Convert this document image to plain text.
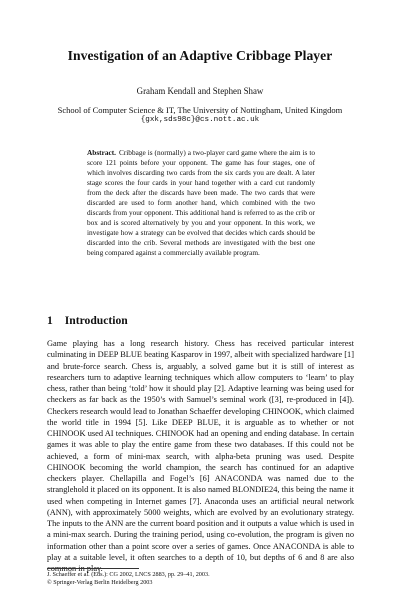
Investigation of an Adaptive Cribbage Player
Graham Kendall and Stephen Shaw
School of Computer Science & IT, The University of Nottingham, United Kingdom
{gxk,sds98c}@cs.nott.ac.uk
Abstract. Cribbage is (normally) a two-player card game where the aim is to score 121 points before your opponent. The game has four stages, one of which involves discarding two cards from the six cards you are dealt. A later stage scores the four cards in your hand together with a card cut randomly from the deck after the discards have been made. The two cards that were discarded are used to form another hand, which combined with the two discards from your opponent. This additional hand is referred to as the crib or box and is scored alternatively by you and your opponent. In this work, we investigate how a strategy can be evolved that decides which cards should be discarded into the crib. Several methods are investigated with the best one being compared against a commercially available program.
1 Introduction

Game playing has a long research history. Chess has received particular interest culminating in DEEP BLUE beating Kasparov in 1997, albeit with specialized hardware [1] and brute-force search. Chess is, arguably, a solved game but it is still of interest as researchers turn to adaptive learning techniques which allow computers to ‘learn’ to play chess, rather than being ‘told’ how it should play [2]. Adaptive learning was being used for checkers as far back as the 1950’s with Samuel’s seminal work ([3], re-produced in [4]). Checkers research would lead to Jonathan Schaeffer developing CHINOOK, which claimed the world title in 1994 [5]. Like DEEP BLUE, it is arguable as to whether or not CHINOOK used AI techniques. CHINOOK had an opening and ending database. In certain games it was able to play the entire game from these two databases. If this could not be achieved, a form of mini-max search, with alpha-beta pruning was used. Despite CHINOOK becoming the world champion, the search has continued for an adaptive checkers player. Chellapilla and Fogel’s [6] ANACONDA was named due to the stranglehold it placed on its opponent. It is also named BLONDIE24, this being the name it used when competing in Internet games [7]. Anaconda uses an artificial neural network (ANN), with approximately 5000 weights, which are evolved by an evolutionary strategy. The inputs to the ANN are the current board position and it outputs a value which is used in a mini-max search. During the training period, using co-evolution, the program is given no information other than a point score over a series of games. Once ANACONDA is able to play at a suitable level, it often searches to a depth of 10, but depths of 6 and 8 are also common in play.

J. Schaeffer et al. (Eds.): CG 2002, LNCS 2883, pp. 29–41, 2003.
© Springer-Verlag Berlin Heidelberg 2003
